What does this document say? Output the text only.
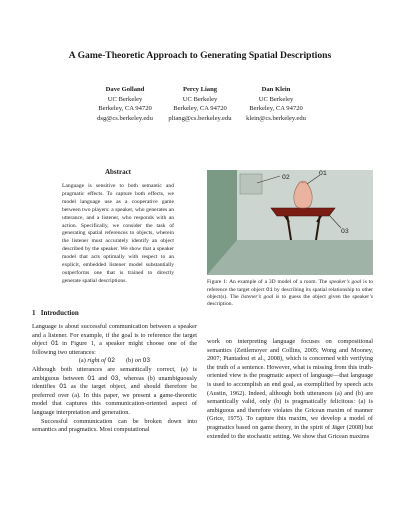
A Game-Theoretic Approach to Generating Spatial Descriptions
Dave Golland
UC Berkeley
Berkeley, CA 94720
dsg@cs.berkeley.edu
Percy Liang
UC Berkeley
Berkeley, CA 94720
pliang@cs.berkeley.edu
Dan Klein
UC Berkeley
Berkeley, CA 94720
klein@cs.berkeley.edu
Abstract
Language is sensitive to both semantic and pragmatic effects. To capture both effects, we model language use as a cooperative game between two players: a speaker, who generates an utterance, and a listener, who responds with an action. Specifically, we consider the task of generating spatial references to objects, wherein the listener must accurately identify an object described by the speaker. We show that a speaker model that acts optimally with respect to an explicit, embedded listener model substantially outperforms one that is trained to directly generate spatial descriptions.
1 Introduction

Language is about successful communication between a speaker and a listener. For example, if the goal is to reference the target object O1 in Figure 1, a speaker might choose one of the following two utterances:

(a) right of O2 (b) on O3

Although both utterances are semantically correct, (a) is ambiguous between O1 and O3, whereas (b) unambiguously identifies O1 as the target object, and should therefore be preferred over (a). In this paper, we present a game-theoretic model that captures this communication-oriented aspect of language interpretation and generation.

Successful communication can be broken down into semantics and pragmatics. Most computational

O2
O1
O3
Figure 1: An example of a 3D model of a room. The speaker’s goal is to reference the target object O1 by describing its spatial relationship to other object(s). The listener’s goal is to guess the object given the speaker’s description.

work on interpreting language focuses on compositional semantics (Zettlemoyer and Collins, 2005; Wong and Mooney, 2007; Piantadosi et al., 2008), which is concerned with verifying the truth of a sentence. However, what is missing from this truth-oriented view is the pragmatic aspect of language—that language is used to accomplish an end goal, as exemplified by speech acts (Austin, 1962). Indeed, although both utterances (a) and (b) are semantically valid, only (b) is pragmatically felicitous: (a) is ambiguous and therefore violates the Gricean maxim of manner (Grice, 1975). To capture this maxim, we develop a model of pragmatics based on game theory, in the spirit of Jäger (2008) but extended to the stochastic setting. We show that Gricean maxims
